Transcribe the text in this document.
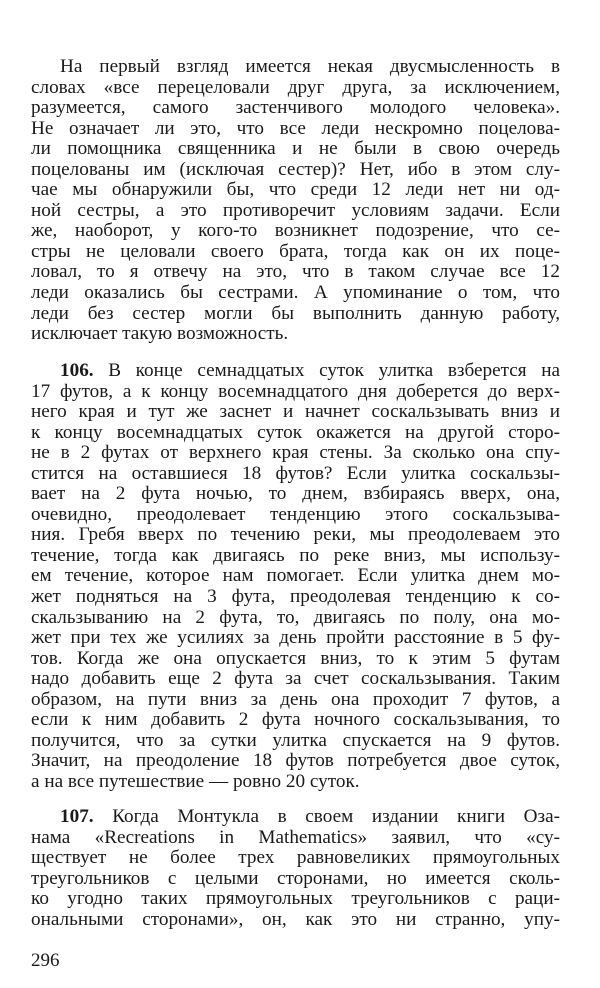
На первый взгляд имеется некая двусмысленность в
словах «все перецеловали друг друга, за исключением,
разумеется, самого застенчивого молодого человека».
Не означает ли это, что все леди нескромно поцелова-
ли помощника священника и не были в свою очередь
поцелованы им (исключая сестер)? Нет, ибо в этом слу-
чае мы обнаружили бы, что среди 12 леди нет ни од-
ной сестры, а это противоречит условиям задачи. Если
же, наоборот, у кого-то возникнет подозрение, что се-
стры не целовали своего брата, тогда как он их поце-
ловал, то я отвечу на это, что в таком случае все 12
леди оказались бы сестрами. А упоминание о том, что
леди без сестер могли бы выполнить данную работу,
исключает такую возможность.
106. В конце семнадцатых суток улитка взберется на
17 футов, а к концу восемнадцатого дня доберется до верх-
него края и тут же заснет и начнет соскальзывать вниз и
к концу восемнадцатых суток окажется на другой сторо-
не в 2 футах от верхнего края стены. За сколько она спу-
стится на оставшиеся 18 футов? Если улитка соскальзы-
вает на 2 фута ночью, то днем, взбираясь вверх, она,
очевидно, преодолевает тенденцию этого соскальзыва-
ния. Гребя вверх по течению реки, мы преодолеваем это
течение, тогда как двигаясь по реке вниз, мы использу-
ем течение, которое нам помогает. Если улитка днем мо-
жет подняться на 3 фута, преодолевая тенденцию к со-
скальзыванию на 2 фута, то, двигаясь по полу, она мо-
жет при тех же усилиях за день пройти расстояние в 5 фу-
тов. Когда же она опускается вниз, то к этим 5 футам
надо добавить еще 2 фута за счет соскальзывания. Таким
образом, на пути вниз за день она проходит 7 футов, а
если к ним добавить 2 фута ночного соскальзывания, то
получится, что за сутки улитка спускается на 9 футов.
Значит, на преодоление 18 футов потребуется двое суток,
а на все путешествие — ровно 20 суток.
107. Когда Монтукла в своем издании книги Оза-
нама «Recreations in Mathematics» заявил, что «су-
ществует не более трех равновеликих прямоугольных
треугольников с целыми сторонами, но имеется сколь-
ко угодно таких прямоугольных треугольников с раци-
ональными сторонами», он, как это ни странно, упу-
296
